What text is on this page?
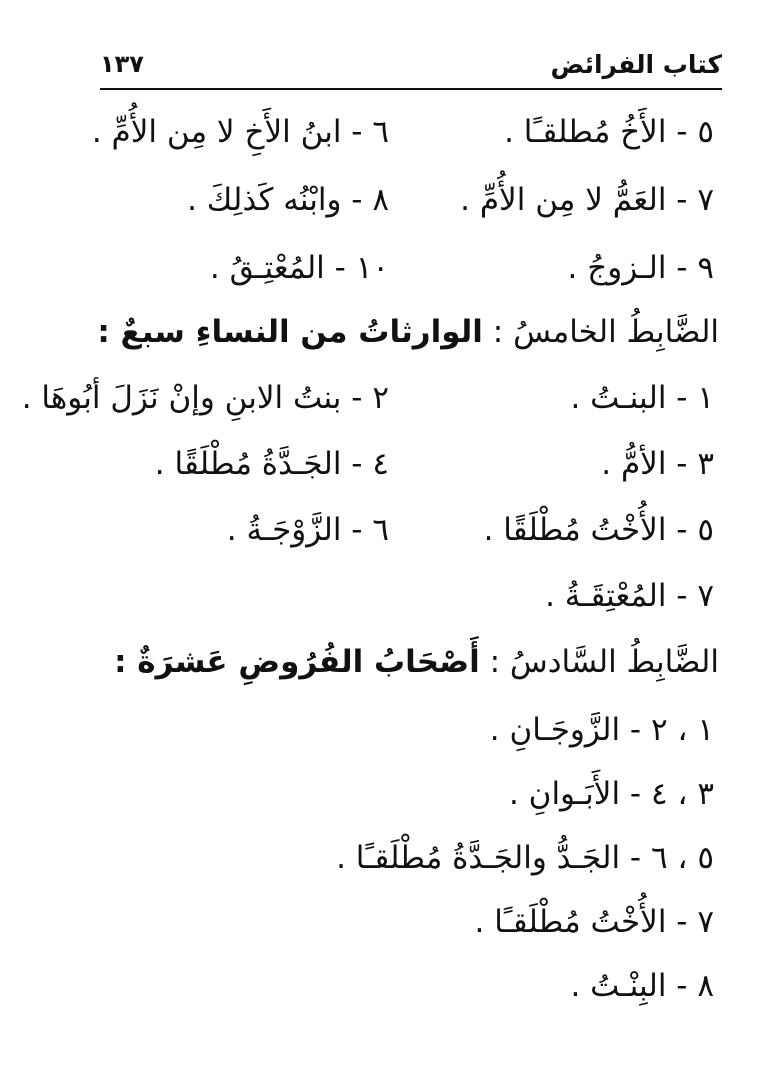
كتاب الفرائض
١٣٧
٥ - الأَخُ مُطلقـًا .
٦ - ابنُ الأَخِ لا مِن الأُمِّ .
٧ - العَمُّ لا مِن الأُمِّ .
٨ - وابْنُه كَذلِكَ .
٩ - الـزوجُ .
١٠ - المُعْتِـقُ .
الضَّابِطُ الخامسُ : الوارثاتُ من النساءِ سبعٌ :
١ - البنـتُ .
٢ - بنتُ الابنِ وإنْ نَزَلَ أبُوهَا .
٣ - الأمُّ .
٤ - الجَـدَّةُ مُطْلَقًا .
٥ - الأُخْتُ مُطْلَقًا .
٦ - الزَّوْجَـةُ .
٧ - المُعْتِقَـةُ .
الضَّابِطُ السَّادسُ : أَصْحَابُ الفُرُوضِ عَشرَةٌ :
١ ، ٢ - الزَّوجَـانِ .
٣ ، ٤ - الأَبَـوانِ .
٥ ، ٦ - الجَـدُّ والجَـدَّةُ مُطْلَقـًا .
٧ - الأُخْتُ مُطْلَقـًا .
٨ - البِنْـتُ .
